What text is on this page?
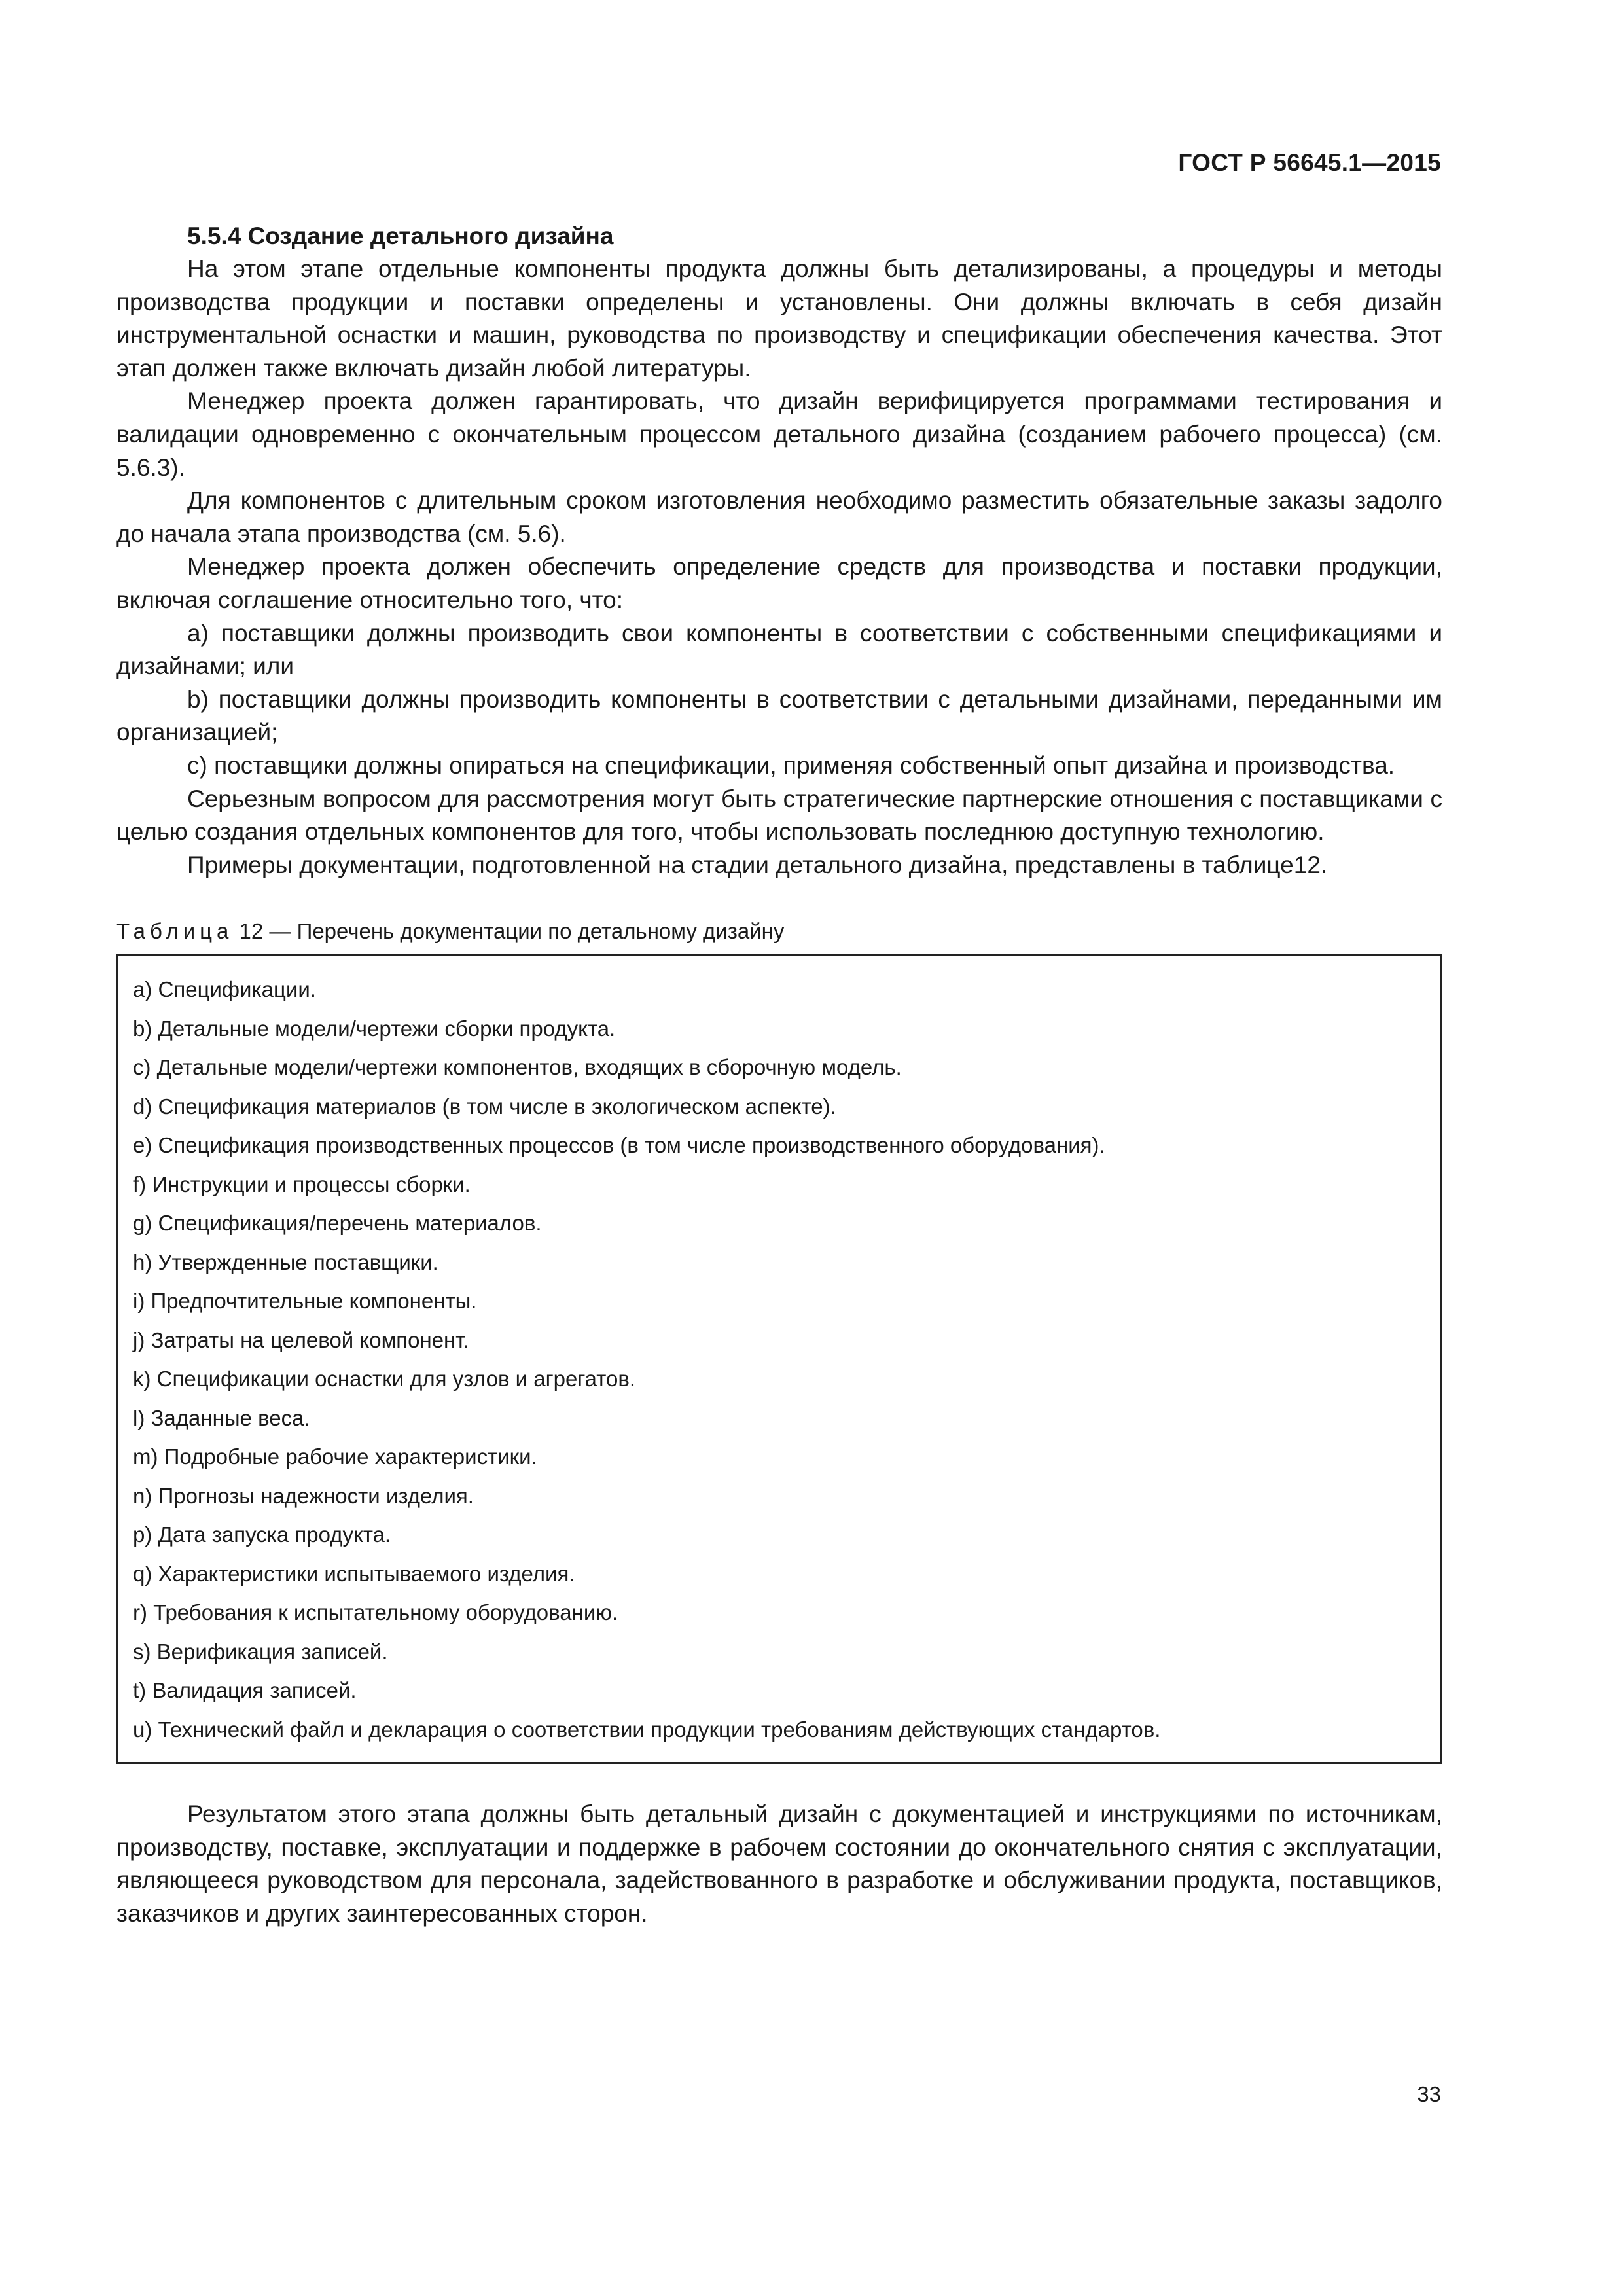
ГОСТ Р 56645.1—2015

5.5.4 Создание детального дизайна

На этом этапе отдельные компоненты продукта должны быть детализированы, а процедуры и методы производства продукции и поставки определены и установлены. Они должны включать в себя дизайн инструментальной оснастки и машин, руководства по производству и спецификации обеспечения качества. Этот этап должен также включать дизайн любой литературы.

Менеджер проекта должен гарантировать, что дизайн верифицируется программами тестирования и валидации одновременно с окончательным процессом детального дизайна (созданием рабочего процесса) (см. 5.6.3).

Для компонентов с длительным сроком изготовления необходимо разместить обязательные заказы задолго до начала этапа производства (см. 5.6).

Менеджер проекта должен обеспечить определение средств для производства и поставки продукции, включая соглашение относительно того, что:

а) поставщики должны производить свои компоненты в соответствии с собственными спецификациями и дизайнами; или

b) поставщики должны производить компоненты в соответствии с детальными дизайнами, переданными им организацией;

c) поставщики должны опираться на спецификации, применяя собственный опыт дизайна и производства.

Серьезным вопросом для рассмотрения могут быть стратегические партнерские отношения с поставщиками с целью создания отдельных компонентов для того, чтобы использовать последнюю доступную технологию.

Примеры документации, подготовленной на стадии детального дизайна, представлены в таблице12.

Таблица 12 — Перечень документации по детальному дизайну

a) Спецификации.
b) Детальные модели/чертежи сборки продукта.
c) Детальные модели/чертежи компонентов, входящих в сборочную модель.
d) Спецификация материалов (в том числе в экологическом аспекте).
e) Спецификация производственных процессов (в том числе производственного оборудования).
f) Инструкции и процессы сборки.
g) Спецификация/перечень материалов.
h) Утвержденные поставщики.
i) Предпочтительные компоненты.
j) Затраты на целевой компонент.
k) Спецификации оснастки для узлов и агрегатов.
l) Заданные веса.
m) Подробные рабочие характеристики.
n) Прогнозы надежности изделия.
p) Дата запуска продукта.
q) Характеристики испытываемого изделия.
r) Требования к испытательному оборудованию.
s) Верификация записей.
t) Валидация записей.
u) Технический файл и декларация о соответствии продукции требованиям действующих стандартов.

Результатом этого этапа должны быть детальный дизайн с документацией и инструкциями по источникам, производству, поставке, эксплуатации и поддержке в рабочем состоянии до окончательного снятия с эксплуатации, являющееся руководством для персонала, задействованного в разработке и обслуживании продукта, поставщиков, заказчиков и других заинтересованных сторон.

33
